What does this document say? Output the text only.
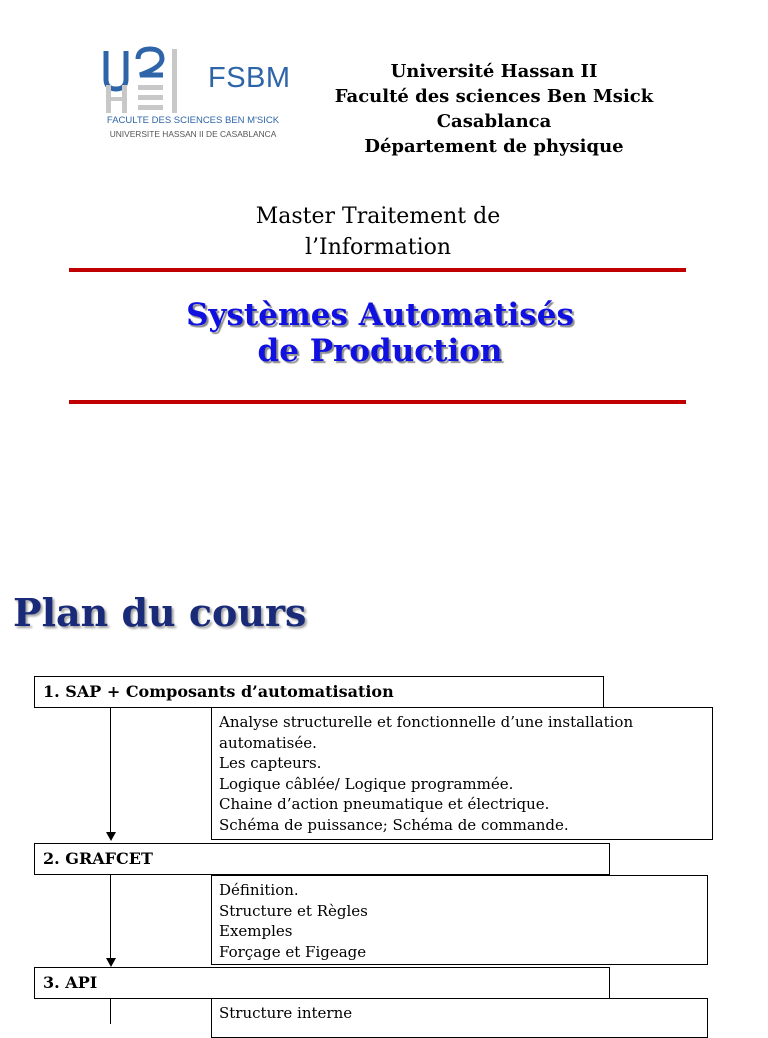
FSBM
FACULTE DES SCIENCES BEN M'SICK
UNIVERSITE HASSAN II DE CASABLANCA
Université Hassan II
Faculté des sciences Ben Msick
Casablanca
Département de physique
Master Traitement de
l’Information
Systèmes Automatisés
de Production
Plan du cours
1. SAP + Composants d’automatisation
Analyse structurelle et fonctionnelle d’une installation
automatisée.
Les capteurs.
Logique câblée/ Logique programmée.
Chaine d’action pneumatique et électrique.
Schéma de puissance; Schéma de commande.
2. GRAFCET
Définition.
Structure et Règles
Exemples
Forçage et Figeage
3. API
Structure interne
